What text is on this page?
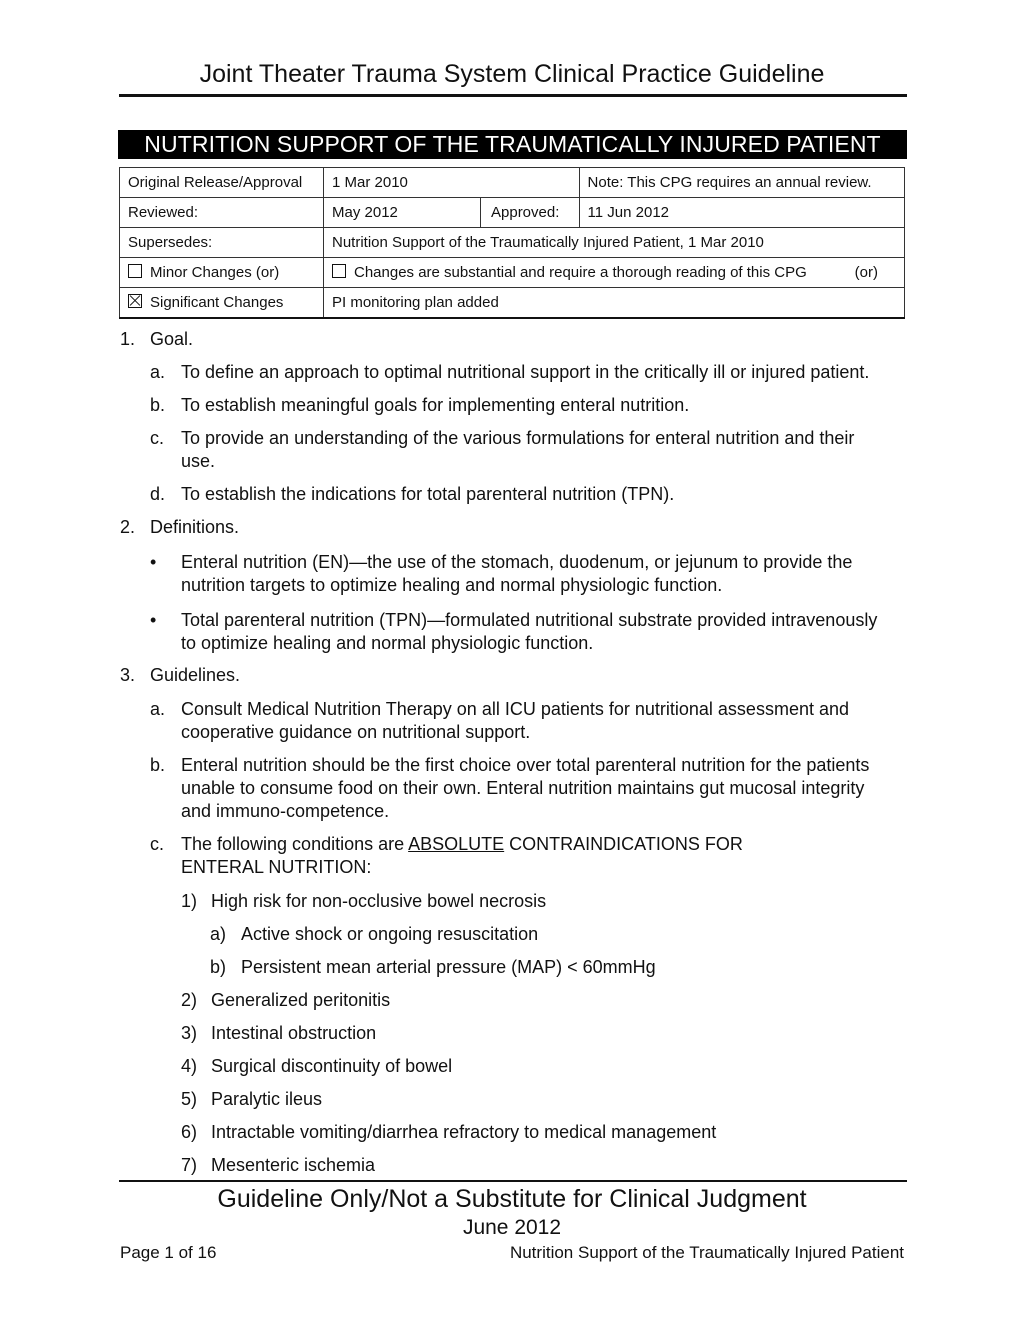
Joint Theater Trauma System Clinical Practice Guideline
NUTRITION SUPPORT OF THE TRAUMATICALLY INJURED PATIENT
Original Release/Approval	1 Mar 2010	Note: This CPG requires an annual review.
Reviewed:	May 2012 Approved:	11 Jun 2012
Supersedes:	Nutrition Support of the Traumatically Injured Patient, 1 Mar 2010	
Minor Changes (or)	Changes are substantial and require a thorough reading of this CPG (or)	

Significant Changes	PI monitoring plan added	
1. Goal.
a. To define an approach to optimal nutritional support in the critically ill or injured patient.
b. To establish meaningful goals for implementing enteral nutrition.
c. To provide an understanding of the various formulations for enteral nutrition and their
use.
d. To establish the indications for total parenteral nutrition (TPN).
2. Definitions.
• Enteral nutrition (EN)—the use of the stomach, duodenum, or jejunum to provide the
nutrition targets to optimize healing and normal physiologic function.
• Total parenteral nutrition (TPN)—formulated nutritional substrate provided intravenously
to optimize healing and normal physiologic function.
3. Guidelines.
a. Consult Medical Nutrition Therapy on all ICU patients for nutritional assessment and
cooperative guidance on nutritional support.
b. Enteral nutrition should be the first choice over total parenteral nutrition for the patients
unable to consume food on their own. Enteral nutrition maintains gut mucosal integrity
and immuno-competence.
c. The following conditions are ABSOLUTE CONTRAINDICATIONS FOR
ENTERAL NUTRITION:
1) High risk for non-occlusive bowel necrosis
a) Active shock or ongoing resuscitation
b) Persistent mean arterial pressure (MAP) < 60mmHg
2) Generalized peritonitis
3) Intestinal obstruction
4) Surgical discontinuity of bowel
5) Paralytic ileus
6) Intractable vomiting/diarrhea refractory to medical management
7) Mesenteric ischemia
Guideline Only/Not a Substitute for Clinical Judgment
June 2012
Page 1 of 16	Nutrition Support of the Traumatically Injured Patient
